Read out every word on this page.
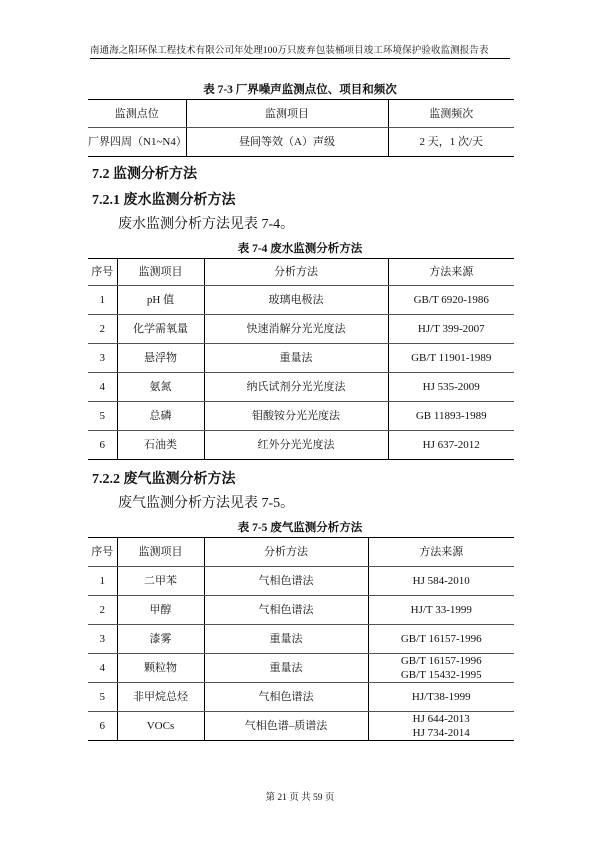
南通海之阳环保工程技术有限公司年处理100万只废弃包装桶项目竣工环境保护验收监测报告表
表 7-3 厂界噪声监测点位、项目和频次
监测点位	监测项目	监测频次
厂界四周（N1~N4）	昼间等效（A）声级	2 天，1 次/天
7.2 监测分析方法
7.2.1 废水监测分析方法
废水监测分析方法见表 7-4。
表 7-4 废水监测分析方法
序号	监测项目	分析方法	方法来源
1	pH 值	玻璃电极法	GB/T 6920-1986
2	化学需氧量	快速消解分光光度法	HJ/T 399-2007
3	悬浮物	重量法	GB/T 11901-1989
4	氨氮	纳氏试剂分光光度法	HJ 535-2009
5	总磷	钼酸铵分光光度法	GB 11893-1989
6	石油类	红外分光光度法	HJ 637-2012
7.2.2 废气监测分析方法
废气监测分析方法见表 7-5。
表 7-5 废气监测分析方法
序号	监测项目	分析方法	方法来源
1	二甲苯	气相色谱法	HJ 584-2010
2	甲醇	气相色谱法	HJ/T 33-1999
3	漆雾	重量法	GB/T 16157-1996
4	颗粒物	重量法	GB/T 16157-1996
GB/T 15432-1995

5	非甲烷总烃	气相色谱法	HJ/T38-1999
6	VOCs	气相色谱–质谱法	HJ 644-2013
HJ 734-2014
第 21 页 共 59 页
